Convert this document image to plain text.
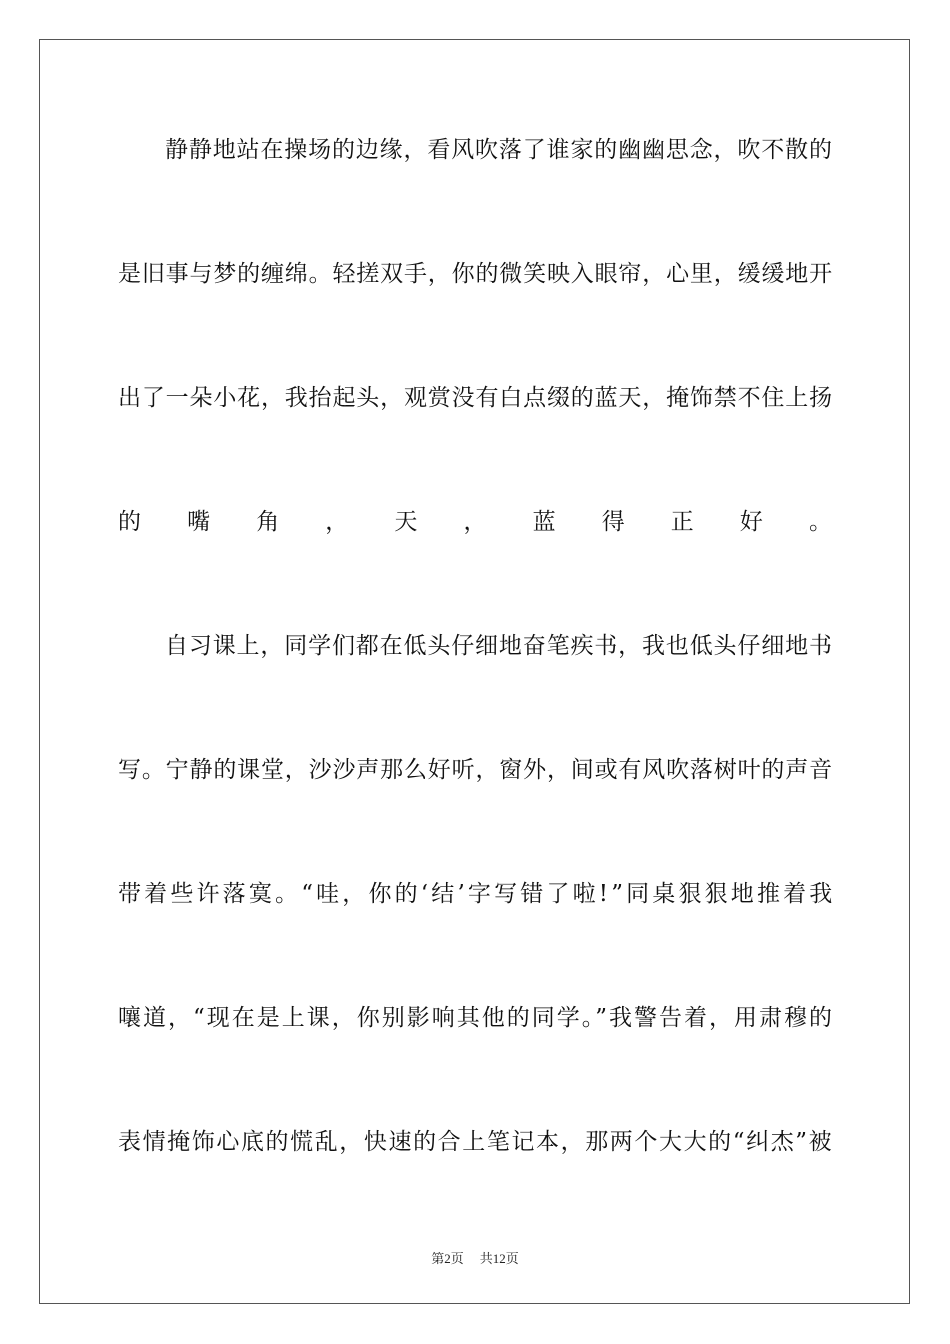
静静地站在操场的边缘，看风吹落了谁家的幽幽思念，吹不散的
是旧事与梦的缠绵。轻搓双手，你的微笑映入眼帘，心里，缓缓地开
出了一朵小花，我抬起头，观赏没有白点缀的蓝天，掩饰禁不住上扬
的嘴角，天，蓝得正好。
自习课上，同学们都在低头仔细地奋笔疾书，我也低头仔细地书
写。宁静的课堂，沙沙声那么好听，窗外，间或有风吹落树叶的声音
带着些许落寞。“哇，你的‘结’字写错了啦!”同桌狠狠地推着我
嚷道，“现在是上课，你别影响其他的同学。”我警告着，用肃穆的
表情掩饰心底的慌乱，快速的合上笔记本，那两个大大的“纠杰”被
第2页 共12页
